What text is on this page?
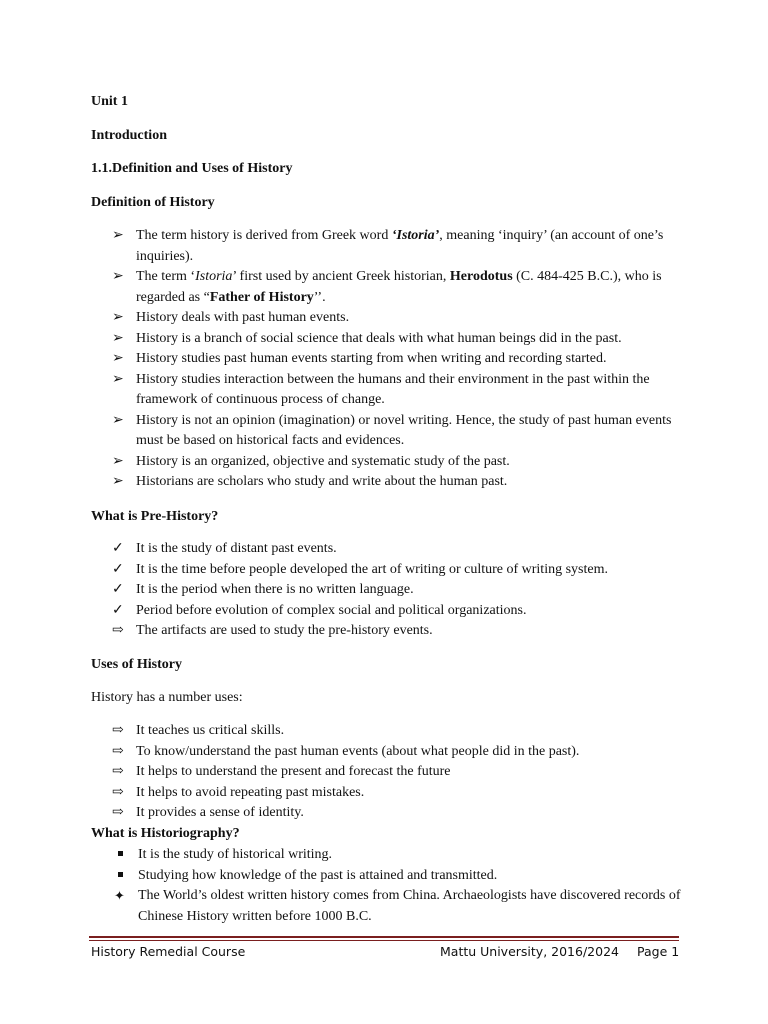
Unit 1
Introduction
1.1.Definition and Uses of History
Definition of History
➢ The term history is derived from Greek word ‘Istoria’, meaning ‘inquiry’ (an account of one’s inquiries).
➢ The term ‘Istoria’ first used by ancient Greek historian, Herodotus (C. 484-425 B.C.), who is regarded as “Father of History’’.
➢ History deals with past human events.
➢ History is a branch of social science that deals with what human beings did in the past.
➢ History studies past human events starting from when writing and recording started.
➢ History studies interaction between the humans and their environment in the past within the framework of continuous process of change.
➢ History is not an opinion (imagination) or novel writing. Hence, the study of past human events must be based on historical facts and evidences.
➢ History is an organized, objective and systematic study of the past.
➢ Historians are scholars who study and write about the human past.
What is Pre-History?
✓ It is the study of distant past events.
✓ It is the time before people developed the art of writing or culture of writing system.
✓ It is the period when there is no written language.
✓ Period before evolution of complex social and political organizations.
⇨ The artifacts are used to study the pre-history events.
Uses of History
History has a number uses:
⇨ It teaches us critical skills.
⇨ To know/understand the past human events (about what people did in the past).
⇨ It helps to understand the present and forecast the future
⇨ It helps to avoid repeating past mistakes.
⇨ It provides a sense of identity.
What is Historiography?
It is the study of historical writing.
Studying how knowledge of the past is attained and transmitted.
✦ The World’s oldest written history comes from China. Archaeologists have discovered records of Chinese History written before 1000 B.C.
History Remedial Course	Mattu University, 2016/2024 Page 1
